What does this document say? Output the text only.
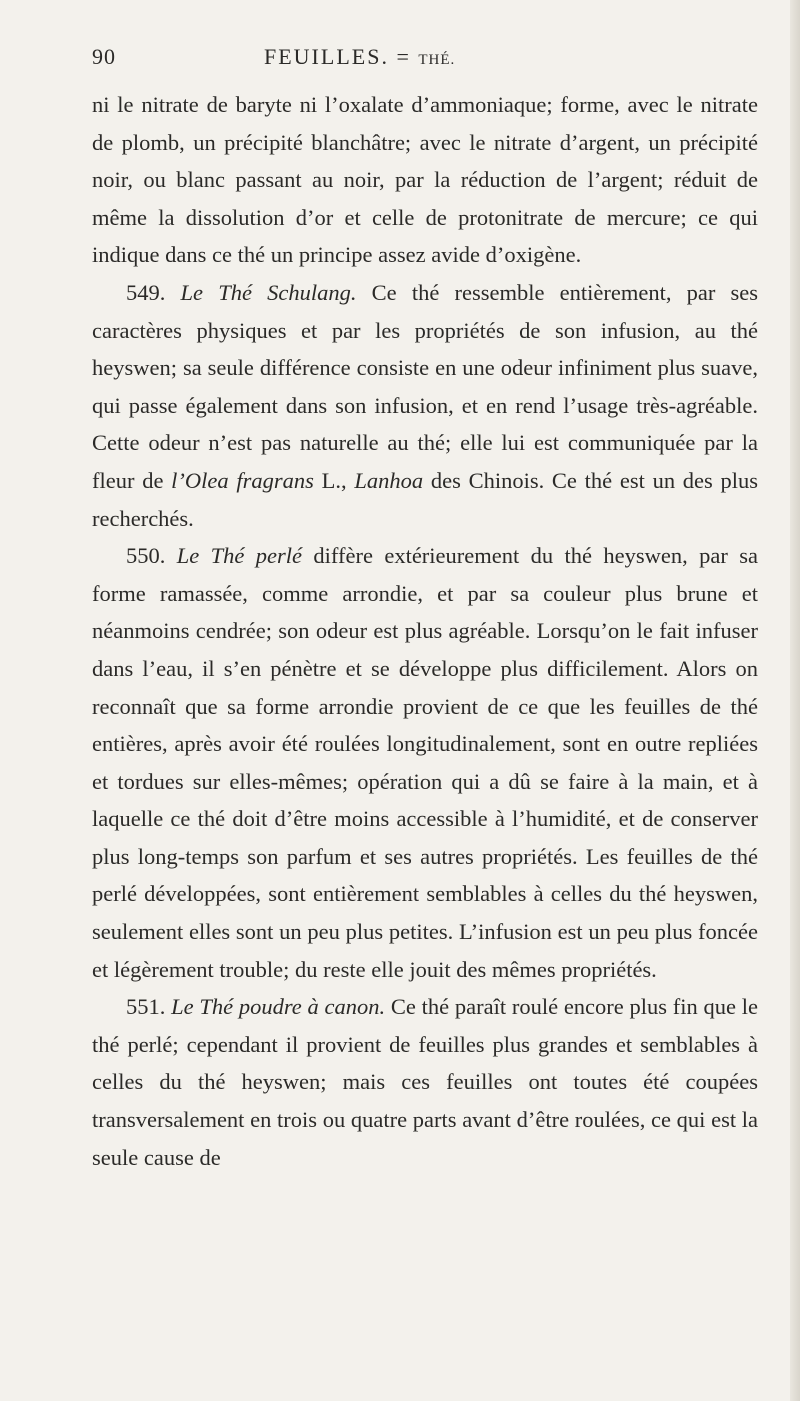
90	FEUILLES. = THÉ.

ni le nitrate de baryte ni l’oxalate d’ammoniaque; forme, avec le nitrate de plomb, un précipité blanchâtre; avec le nitrate d’argent, un précipité noir, ou blanc passant au noir, par la réduction de l’argent; réduit de même la dissolution d’or et celle de protonitrate de mercure; ce qui indique dans ce thé un principe assez avide d’oxigène.

549. Le Thé Schulang. Ce thé ressemble entièrement, par ses caractères physiques et par les propriétés de son infusion, au thé heyswen; sa seule différence consiste en une odeur infiniment plus suave, qui passe également dans son infusion, et en rend l’usage très-agréable. Cette odeur n’est pas naturelle au thé; elle lui est communiquée par la fleur de l’Olea fragrans L., Lanhoa des Chinois. Ce thé est un des plus recherchés.

550. Le Thé perlé diffère extérieurement du thé heyswen, par sa forme ramassée, comme arrondie, et par sa couleur plus brune et néanmoins cendrée; son odeur est plus agréable. Lorsqu’on le fait infuser dans l’eau, il s’en pénètre et se développe plus difficilement. Alors on reconnaît que sa forme arrondie provient de ce que les feuilles de thé entières, après avoir été roulées longitudinalement, sont en outre repliées et tordues sur elles-mêmes; opération qui a dû se faire à la main, et à laquelle ce thé doit d’être moins accessible à l’humidité, et de conserver plus long-temps son parfum et ses autres propriétés. Les feuilles de thé perlé développées, sont entièrement semblables à celles du thé heyswen, seulement elles sont un peu plus petites. L’infusion est un peu plus foncée et légèrement trouble; du reste elle jouit des mêmes propriétés.

551. Le Thé poudre à canon. Ce thé paraît roulé encore plus fin que le thé perlé; cependant il provient de feuilles plus grandes et semblables à celles du thé heyswen; mais ces feuilles ont toutes été coupées transversalement en trois ou quatre parts avant d’être roulées, ce qui est la seule cause de
